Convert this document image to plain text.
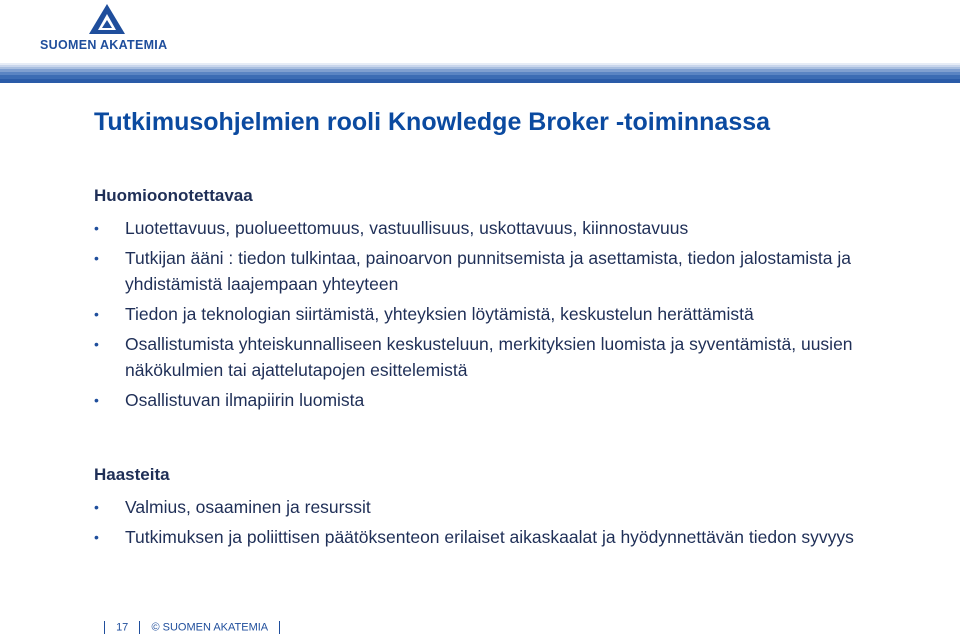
SUOMEN AKATEMIA
Tutkimusohjelmien rooli Knowledge Broker -toiminnassa
Huomioonotettavaa
• Luotettavuus, puolueettomuus, vastuullisuus, uskottavuus, kiinnostavuus
• Tutkijan ääni : tiedon tulkintaa, painoarvon punnitsemista ja asettamista, tiedon jalostamista ja yhdistämistä laajempaan yhteyteen
• Tiedon ja teknologian siirtämistä, yhteyksien löytämistä, keskustelun herättämistä
• Osallistumista yhteiskunnalliseen keskusteluun, merkityksien luomista ja syventämistä, uusien näkökulmien tai ajattelutapojen esittelemistä
• Osallistuvan ilmapiirin luomista
Haasteita
• Valmius, osaaminen ja resurssit
• Tutkimuksen ja poliittisen päätöksenteon erilaiset aikaskaalat ja hyödynnettävän tiedon syvyys
17 © SUOMEN AKATEMIA
